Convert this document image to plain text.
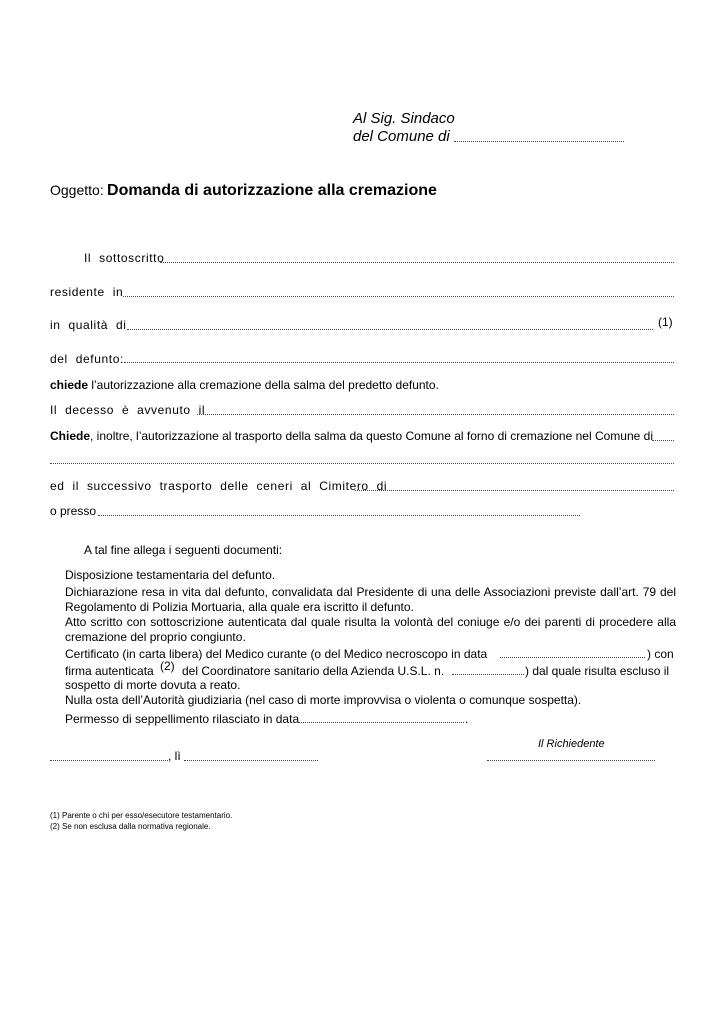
Al Sig. Sindaco
del Comune di
Oggetto: Domanda di autorizzazione alla cremazione
Il sottoscritto
residente in
in qualità di	(1)
del defunto:
chiede l’autorizzazione alla cremazione della salma del predetto defunto.
Il decesso è avvenuto il
Chiede, inoltre, l’autorizzazione al trasporto della salma da questo Comune al forno di cremazione nel Comune di
ed il successivo trasporto delle ceneri al Cimitero di
o presso
A tal fine allega i seguenti documenti:
Disposizione testamentaria del defunto.
Dichiarazione resa in vita dal defunto, convalidata dal Presidente di una delle Associazioni previste dall’art. 79 del Regolamento di Polizia Mortuaria, alla quale era iscritto il defunto.
Atto scritto con sottoscrizione autenticata dal quale risulta la volontà del coniuge e/o dei parenti di procedere alla cremazione del proprio congiunto.
Certificato (in carta libera) del Medico curante (o del Medico necroscopo in data	) con
firma autenticata (2) del Coordinatore sanitario della Azienda U.S.L. n.	) dal quale risulta escluso il
sospetto di morte dovuta a reato.
Nulla osta dell’Autorità giudiziaria (nel caso di morte improvvisa o violenta o comunque sospetta).
Permesso di seppellimento rilasciato in data	.
Il Richiedente
, lì
(1) Parente o chi per esso/esecutore testamentario.
(2) Se non esclusa dalla normativa regionale.
